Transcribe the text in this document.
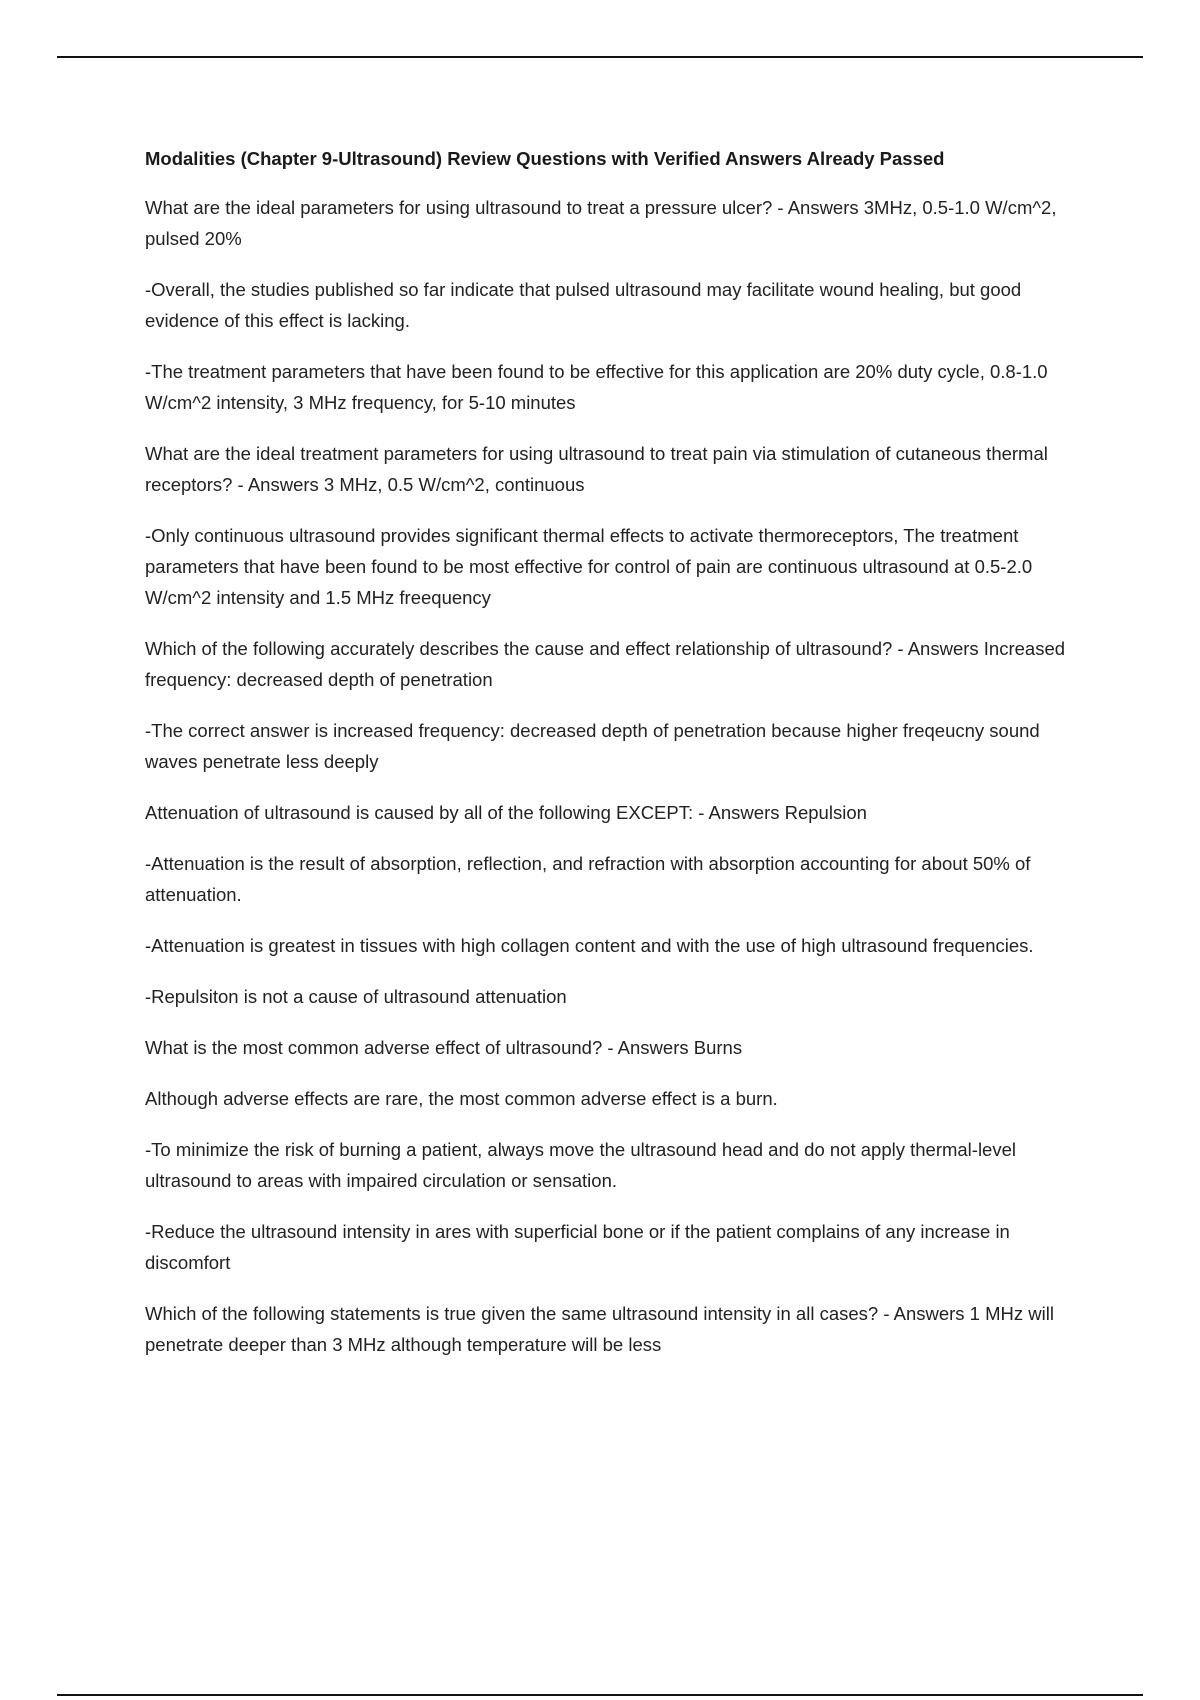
Modalities (Chapter 9-Ultrasound) Review Questions with Verified Answers Already Passed

What are the ideal parameters for using ultrasound to treat a pressure ulcer? - Answers 3MHz, 0.5-1.0 W/cm^2, pulsed 20%

-Overall, the studies published so far indicate that pulsed ultrasound may facilitate wound healing, but good evidence of this effect is lacking.

-The treatment parameters that have been found to be effective for this application are 20% duty cycle, 0.8-1.0 W/cm^2 intensity, 3 MHz frequency, for 5-10 minutes

What are the ideal treatment parameters for using ultrasound to treat pain via stimulation of cutaneous thermal receptors? - Answers 3 MHz, 0.5 W/cm^2, continuous

-Only continuous ultrasound provides significant thermal effects to activate thermoreceptors, The treatment parameters that have been found to be most effective for control of pain are continuous ultrasound at 0.5-2.0 W/cm^2 intensity and 1.5 MHz freequency

Which of the following accurately describes the cause and effect relationship of ultrasound? - Answers Increased frequency: decreased depth of penetration

-The correct answer is increased frequency: decreased depth of penetration because higher freqeucny sound waves penetrate less deeply

Attenuation of ultrasound is caused by all of the following EXCEPT: - Answers Repulsion

-Attenuation is the result of absorption, reflection, and refraction with absorption accounting for about 50% of attenuation.

-Attenuation is greatest in tissues with high collagen content and with the use of high ultrasound frequencies.

-Repulsiton is not a cause of ultrasound attenuation

What is the most common adverse effect of ultrasound? - Answers Burns

Although adverse effects are rare, the most common adverse effect is a burn.

-To minimize the risk of burning a patient, always move the ultrasound head and do not apply thermal-level ultrasound to areas with impaired circulation or sensation.

-Reduce the ultrasound intensity in ares with superficial bone or if the patient complains of any increase in discomfort

Which of the following statements is true given the same ultrasound intensity in all cases? - Answers 1 MHz will penetrate deeper than 3 MHz although temperature will be less
